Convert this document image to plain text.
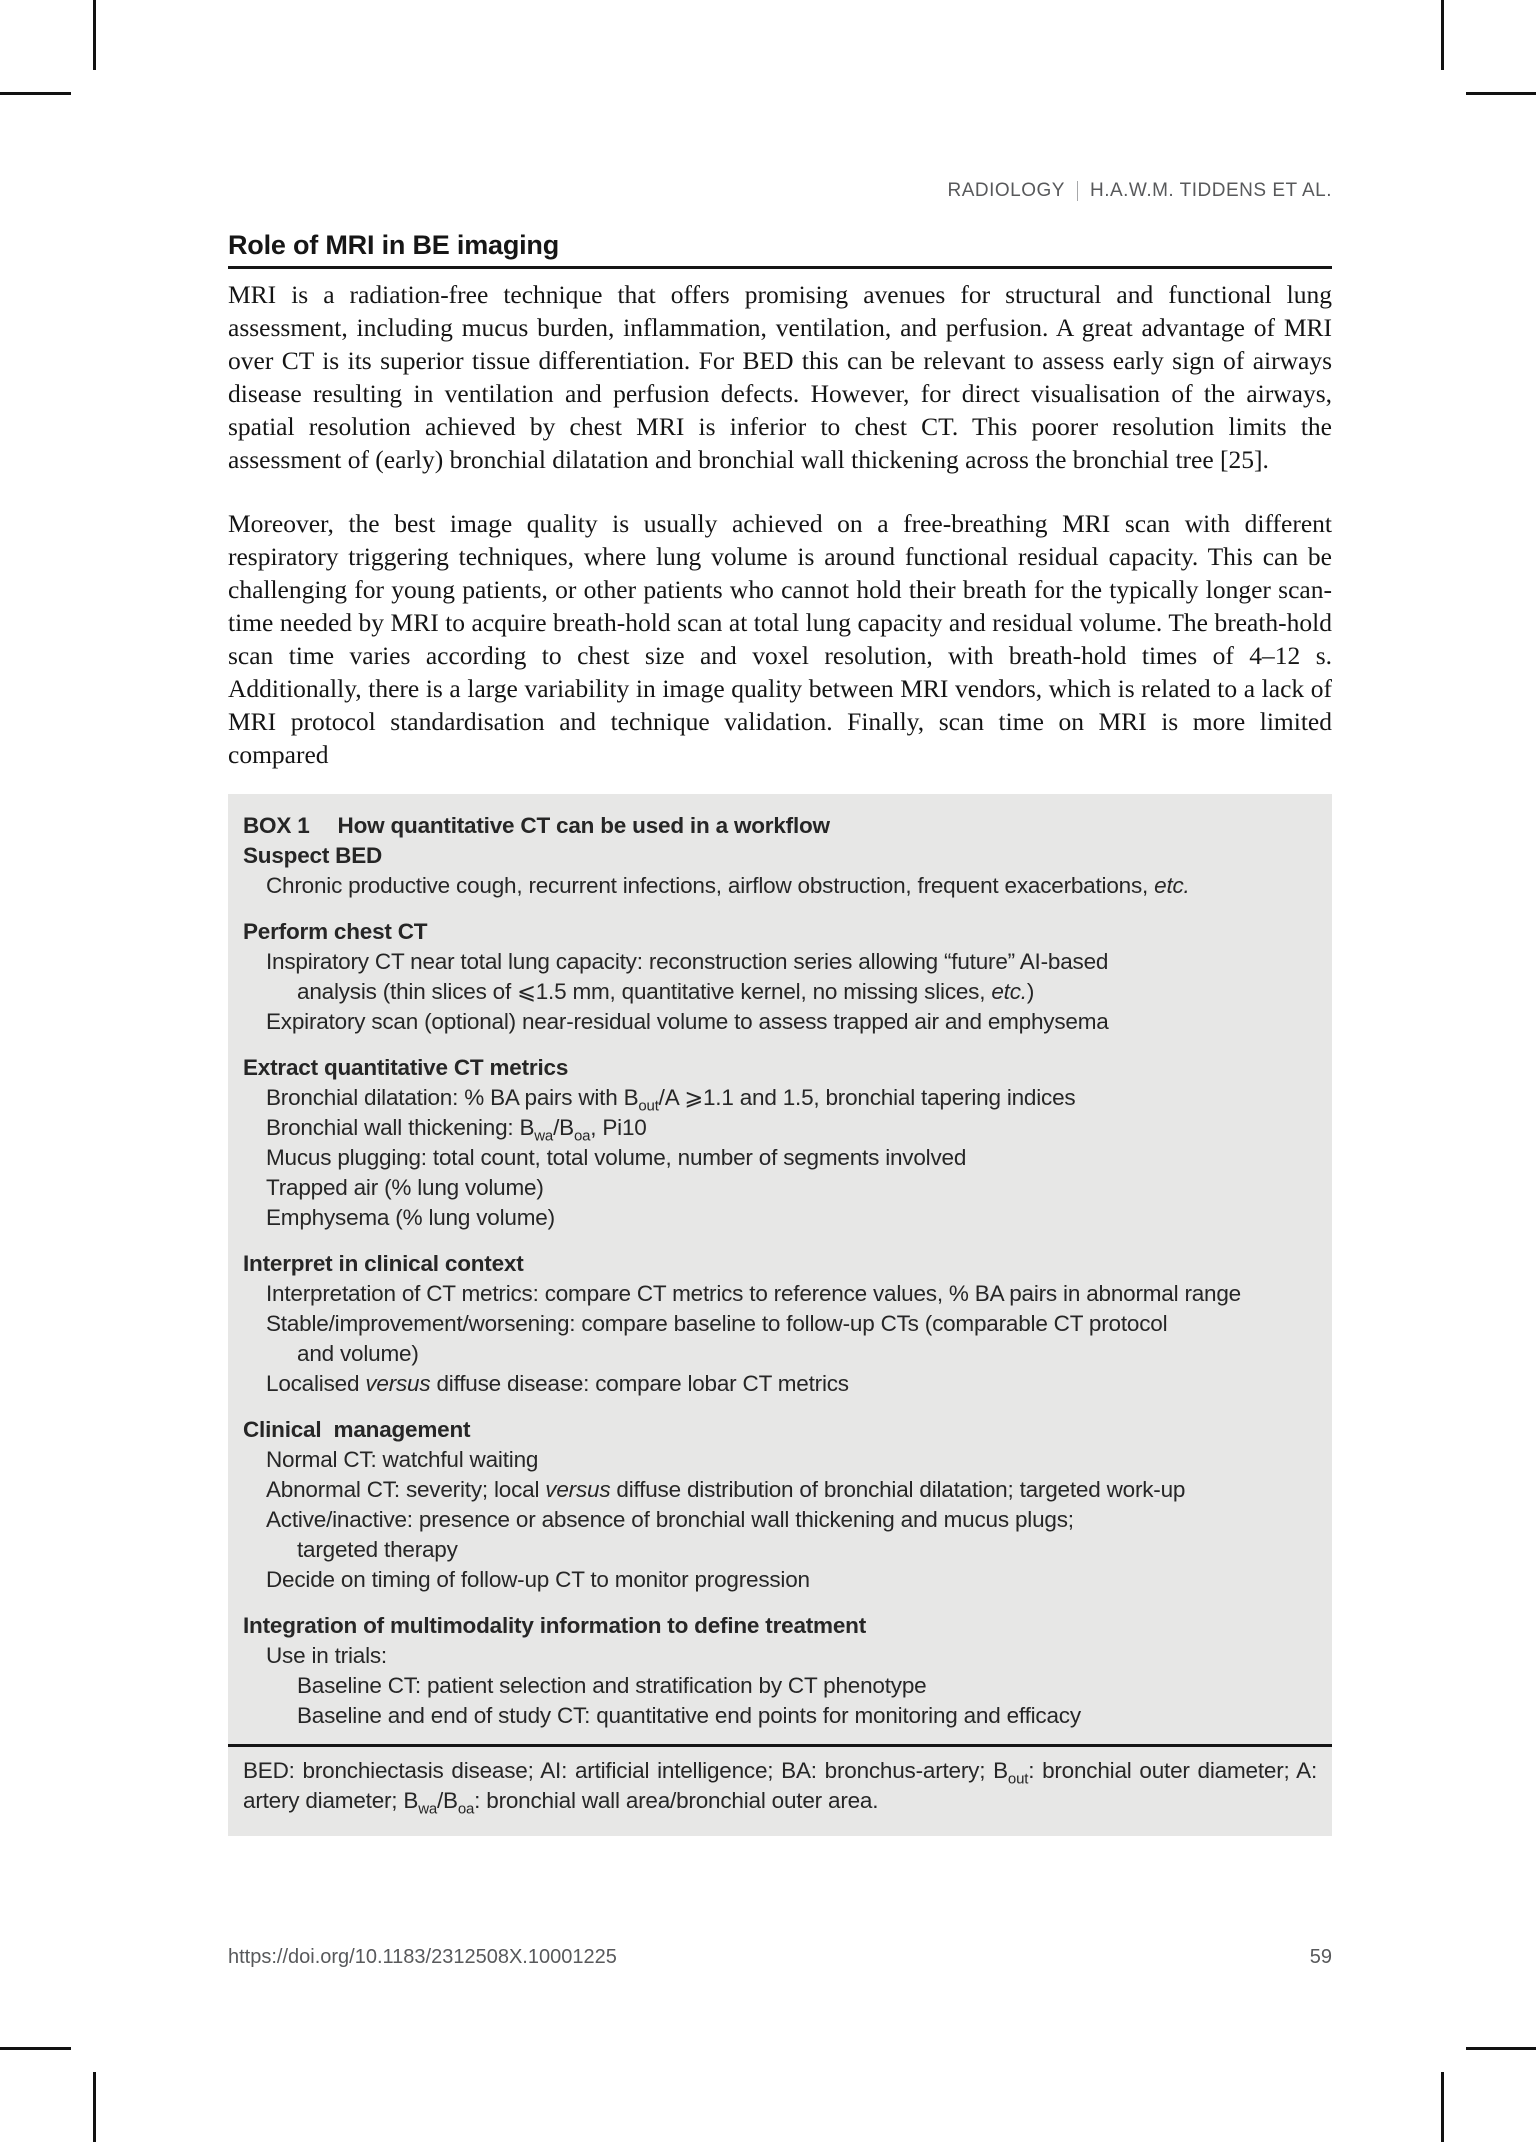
RADIOLOGY H.A.W.M. TIDDENS ET AL.
Role of MRI in BE imaging

MRI is a radiation-free technique that offers promising avenues for structural and functional lung assessment, including mucus burden, inflammation, ventilation, and perfusion. A great advantage of MRI over CT is its superior tissue differentiation. For BED this can be relevant to assess early sign of airways disease resulting in ventilation and perfusion defects. However, for direct visualisation of the airways, spatial resolution achieved by chest MRI is inferior to chest CT. This poorer resolution limits the assessment of (early) bronchial dilatation and bronchial wall thickening across the bronchial tree [25].

Moreover, the best image quality is usually achieved on a free-breathing MRI scan with different respiratory triggering techniques, where lung volume is around functional residual capacity. This can be challenging for young patients, or other patients who cannot hold their breath for the typically longer scan-time needed by MRI to acquire breath-hold scan at total lung capacity and residual volume. The breath-hold scan time varies according to chest size and voxel resolution, with breath-hold times of 4–12 s. Additionally, there is a large variability in image quality between MRI vendors, which is related to a lack of MRI protocol standardisation and technique validation. Finally, scan time on MRI is more limited compared

BOX 1 How quantitative CT can be used in a workflow
Suspect BED
Chronic productive cough, recurrent infections, airflow obstruction, frequent exacerbations, etc.
Perform chest CT
Inspiratory CT near total lung capacity: reconstruction series allowing “future” AI-based
analysis (thin slices of ⩽1.5 mm, quantitative kernel, no missing slices, etc.)
Expiratory scan (optional) near-residual volume to assess trapped air and emphysema
Extract quantitative CT metrics
Bronchial dilatation: % BA pairs with $B_{out}/A$ ⩾1.1 and 1.5, bronchial tapering indices
Bronchial wall thickening: $B_{wa}/B_{oa}$, Pi10
Mucus plugging: total count, total volume, number of segments involved
Trapped air (% lung volume)
Emphysema (% lung volume)
Interpret in clinical context
Interpretation of CT metrics: compare CT metrics to reference values, % BA pairs in abnormal range
Stable/improvement/worsening: compare baseline to follow-up CTs (comparable CT protocol
and volume)
Localised versus diffuse disease: compare lobar CT metrics
Clinical  management
Normal CT: watchful waiting
Abnormal CT: severity; local versus diffuse distribution of bronchial dilatation; targeted work-up
Active/inactive: presence or absence of bronchial wall thickening and mucus plugs;
targeted therapy
Decide on timing of follow-up CT to monitor progression
Integration of multimodality information to define treatment
Use in trials:
Baseline CT: patient selection and stratification by CT phenotype
Baseline and end of study CT: quantitative end points for monitoring and efficacy
BED: bronchiectasis disease; AI: artificial intelligence; BA: bronchus-artery; $B_{out}$: bronchial outer diameter; A: artery diameter; $B_{wa}/B_{oa}$: bronchial wall area/bronchial outer area.
https://doi.org/10.1183/2312508X.10001225	59
